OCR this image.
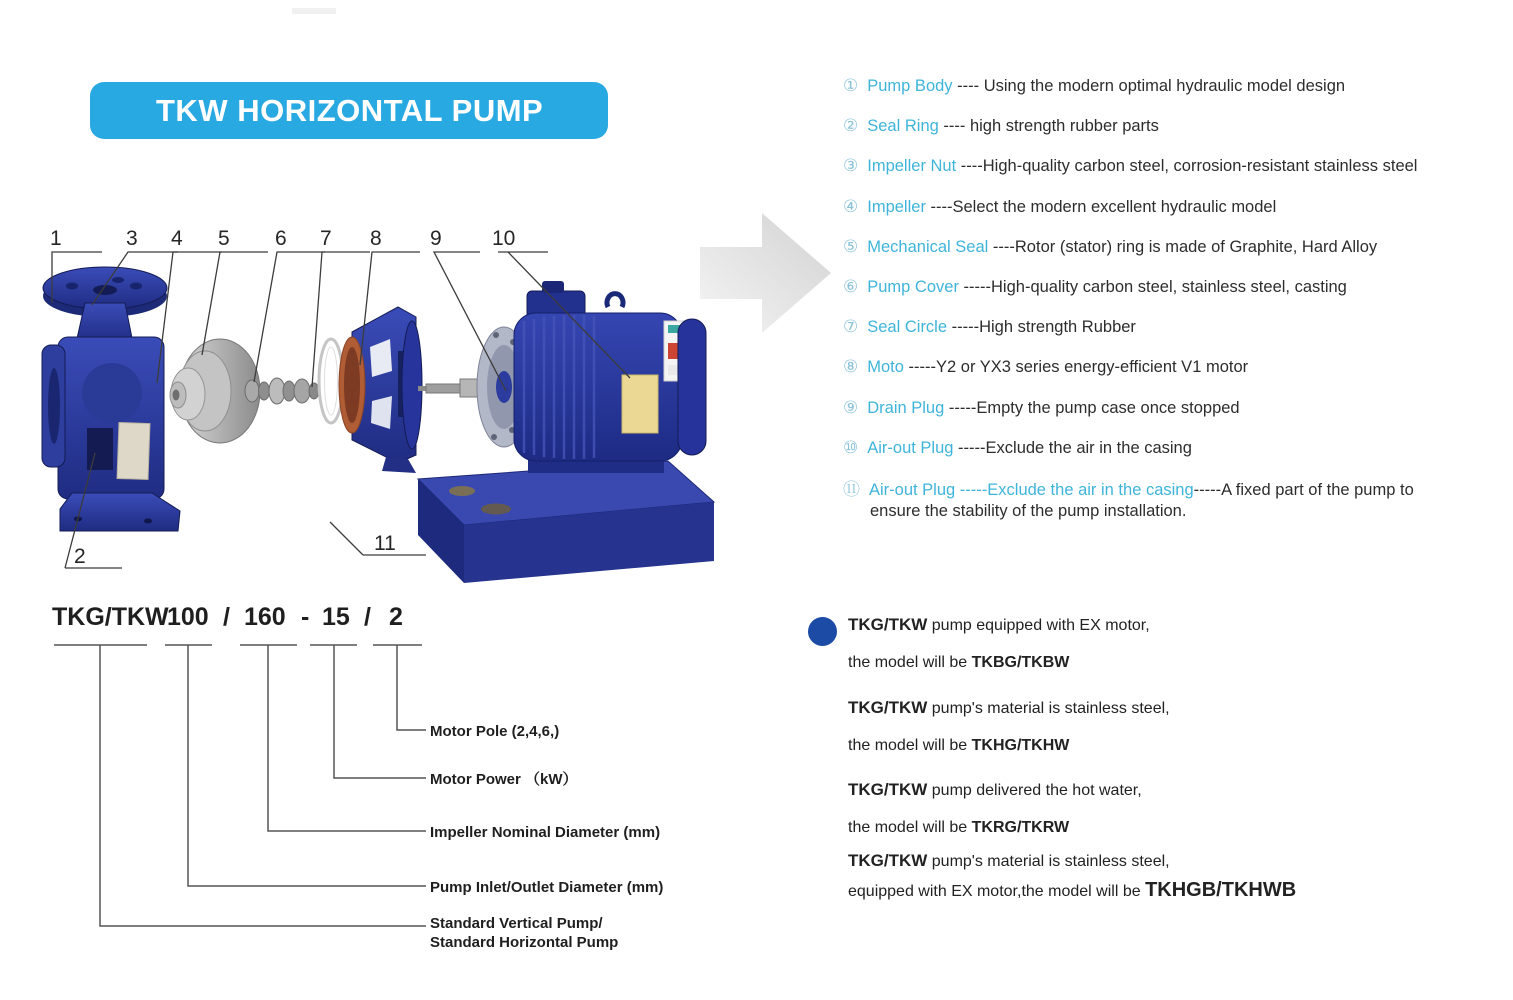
TKW HORIZONTAL PUMP
1	3 4 5 6 7 8 9 10
2
11
① Pump Body ---- Using the modern optimal hydraulic model design
② Seal Ring ---- high strength rubber parts
③ Impeller Nut ----High-quality carbon steel, corrosion-resistant stainless steel
④ Impeller ----Select the modern excellent hydraulic model
⑤ Mechanical Seal ----Rotor (stator) ring is made of Graphite, Hard Alloy
⑥ Pump Cover -----High-quality carbon steel, stainless steel, casting
⑦ Seal Circle -----High strength Rubber
⑧ Moto -----Y2 or YX3 series energy-efficient V1 motor
⑨ Drain Plug -----Empty the pump case once stopped
⑩ Air-out Plug -----Exclude the air in the casing
⑪ Air-out Plug -----Exclude the air in the casing-----A fixed part of the pump to
ensure the stability of the pump installation.
TKG/TKW
100 / 160 - 15 / 2
Motor Pole (2,4,6,)
Motor Power （kW）
Impeller Nominal Diameter (mm)
Pump Inlet/Outlet Diameter (mm)
Standard Vertical Pump/
Standard Horizontal Pump
TKG/TKW pump equipped with EX motor,
the model will be TKBG/TKBW
TKG/TKW pump's material is stainless steel,
the model will be TKHG/TKHW
TKG/TKW pump delivered the hot water,
the model will be TKRG/TKRW
TKG/TKW pump's material is stainless steel,
equipped with EX motor,the model will be TKHGB/TKHWB
